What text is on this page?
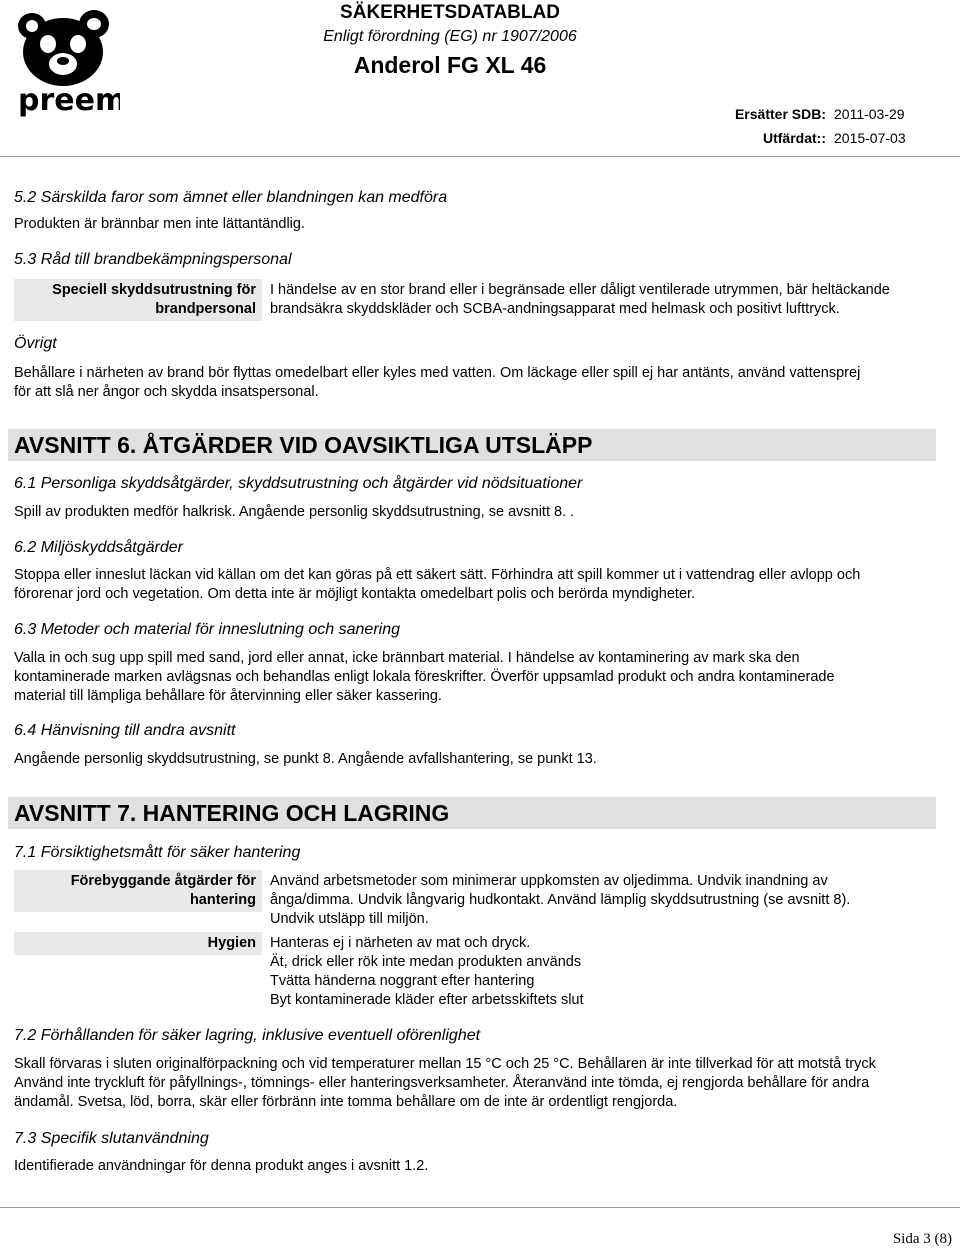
preem
SÄKERHETSDATABLAD
Enligt förordning (EG) nr 1907/2006
Anderol FG XL 46
Ersätter SDB: 2011-03-29
Utfärdat:: 2015-07-03
5.2 Särskilda faror som ämnet eller blandningen kan medföra
Produkten är brännbar men inte lättantändlig.
5.3 Råd till brandbekämpningspersonal
Speciell skyddsutrustning för
brandpersonal
I händelse av en stor brand eller i begränsade eller dåligt ventilerade utrymmen, bär heltäckande
brandsäkra skyddskläder och SCBA-andningsapparat med helmask och positivt lufttryck.
Övrigt
Behållare i närheten av brand bör flyttas omedelbart eller kyles med vatten. Om läckage eller spill ej har antänts, använd vattensprej
för att slå ner ångor och skydda insatspersonal.
AVSNITT 6. ÅTGÄRDER VID OAVSIKTLIGA UTSLÄPP
6.1 Personliga skyddsåtgärder, skyddsutrustning och åtgärder vid nödsituationer
Spill av produkten medför halkrisk. Angående personlig skyddsutrustning, se avsnitt 8. .
6.2 Miljöskyddsåtgärder
Stoppa eller inneslut läckan vid källan om det kan göras på ett säkert sätt. Förhindra att spill kommer ut i vattendrag eller avlopp och
förorenar jord och vegetation. Om detta inte är möjligt kontakta omedelbart polis och berörda myndigheter.
6.3 Metoder och material för inneslutning och sanering
Valla in och sug upp spill med sand, jord eller annat, icke brännbart material. I händelse av kontaminering av mark ska den
kontaminerade marken avlägsnas och behandlas enligt lokala föreskrifter. Överför uppsamlad produkt och andra kontaminerade
material till lämpliga behållare för återvinning eller säker kassering.
6.4 Hänvisning till andra avsnitt
Angående personlig skyddsutrustning, se punkt 8. Angående avfallshantering, se punkt 13.
AVSNITT 7. HANTERING OCH LAGRING
7.1 Försiktighetsmått för säker hantering
Förebyggande åtgärder för
hantering
Använd arbetsmetoder som minimerar uppkomsten av oljedimma. Undvik inandning av
ånga/dimma. Undvik långvarig hudkontakt. Använd lämplig skyddsutrustning (se avsnitt 8).
Undvik utsläpp till miljön.
Hygien Hanteras ej i närheten av mat och dryck.
Ät, drick eller rök inte medan produkten används
Tvätta händerna noggrant efter hantering
Byt kontaminerade kläder efter arbetsskiftets slut
7.2 Förhållanden för säker lagring, inklusive eventuell oförenlighet
Skall förvaras i sluten originalförpackning och vid temperaturer mellan 15 °C och 25 °C. Behållaren är inte tillverkad för att motstå tryck
Använd inte tryckluft för påfyllnings-, tömnings- eller hanteringsverksamheter. Återanvänd inte tömda, ej rengjorda behållare för andra
ändamål. Svetsa, löd, borra, skär eller förbränn inte tomma behållare om de inte är ordentligt rengjorda.
7.3 Specifik slutanvändning
Identifierade användningar för denna produkt anges i avsnitt 1.2.
Sida 3 (8)
